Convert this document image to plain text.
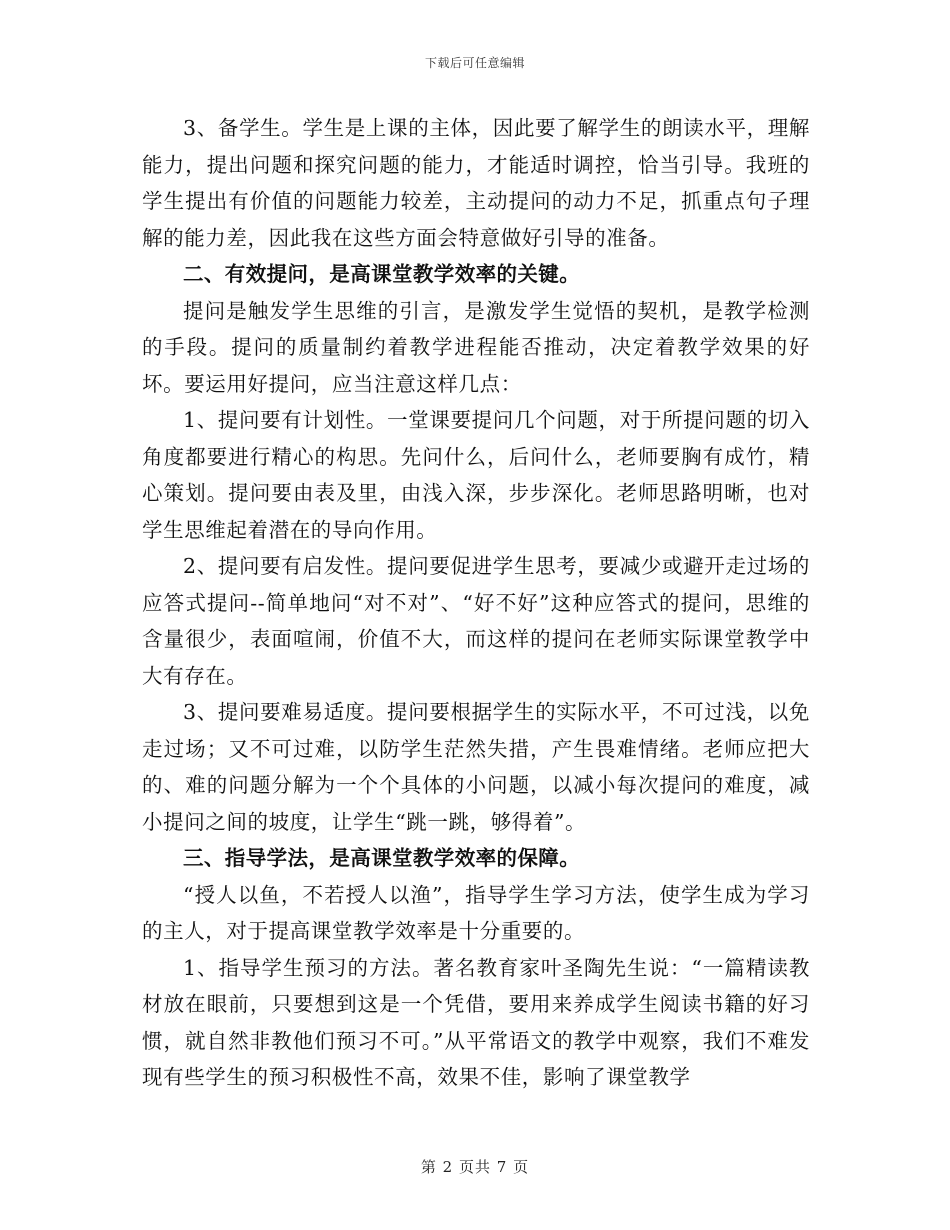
下载后可任意编辑

3、备学生。学生是上课的主体，因此要了解学生的朗读水平，理解能力，提出问题和探究问题的能力，才能适时调控，恰当引导。我班的学生提出有价值的问题能力较差，主动提问的动力不足，抓重点句子理解的能力差，因此我在这些方面会特意做好引导的准备。

二、有效提问，是高课堂教学效率的关键。

提问是触发学生思维的引言，是激发学生觉悟的契机，是教学检测的手段。提问的质量制约着教学进程能否推动，决定着教学效果的好坏。要运用好提问，应当注意这样几点：

1、提问要有计划性。一堂课要提问几个问题，对于所提问题的切入角度都要进行精心的构思。先问什么，后问什么，老师要胸有成竹，精心策划。提问要由表及里，由浅入深，步步深化。老师思路明晰，也对学生思维起着潜在的导向作用。

2、提问要有启发性。提问要促进学生思考，要减少或避开走过场的应答式提问--简单地问“对不对”、“好不好”这种应答式的提问，思维的含量很少，表面喧闹，价值不大，而这样的提问在老师实际课堂教学中大有存在。

3、提问要难易适度。提问要根据学生的实际水平，不可过浅，以免走过场；又不可过难，以防学生茫然失措，产生畏难情绪。老师应把大的、难的问题分解为一个个具体的小问题，以减小每次提问的难度，减小提问之间的坡度，让学生“跳一跳，够得着”。

三、指导学法，是高课堂教学效率的保障。

“授人以鱼，不若授人以渔”，指导学生学习方法，使学生成为学习的主人，对于提高课堂教学效率是十分重要的。

1、指导学生预习的方法。著名教育家叶圣陶先生说：“一篇精读教材放在眼前，只要想到这是一个凭借，要用来养成学生阅读书籍的好习惯，就自然非教他们预习不可。”从平常语文的教学中观察，我们不难发现有些学生的预习积极性不高，效果不佳，影响了课堂教学

第 2 页共 7 页
